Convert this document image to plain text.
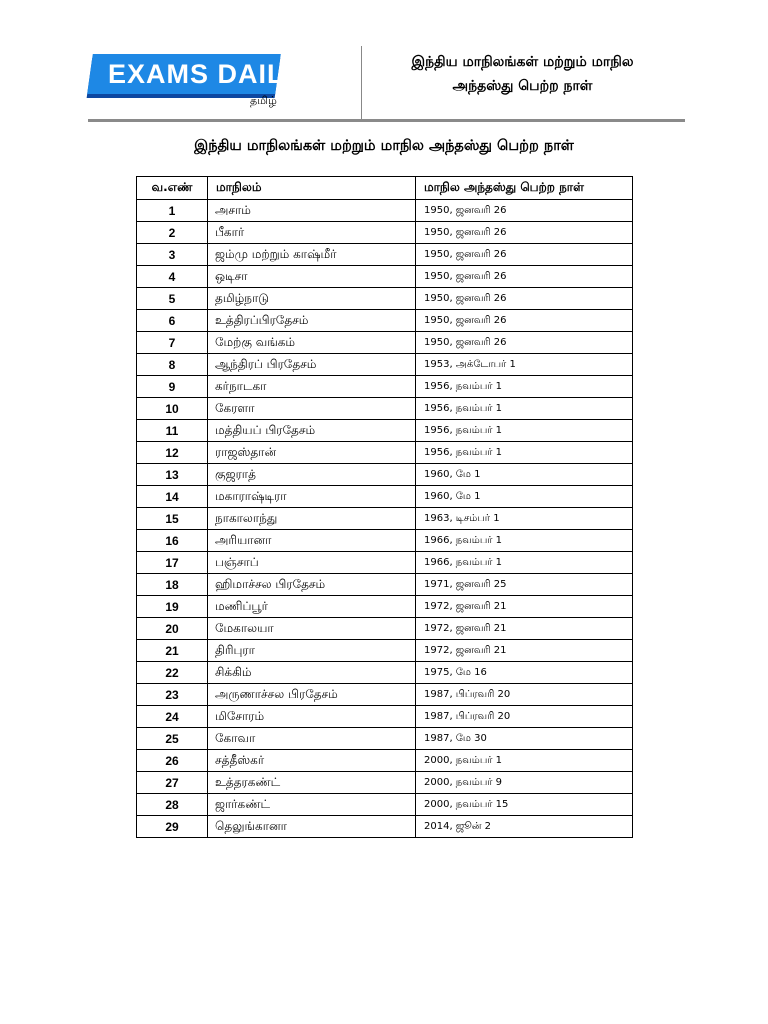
EXAMS DAILY
தமிழ்
இந்திய மாநிலங்கள் மற்றும் மாநில
அந்தஸ்து பெற்ற நாள்
இந்திய மாநிலங்கள் மற்றும் மாநில அந்தஸ்து பெற்ற நாள்
வ.எண்	மாநிலம்	மாநில அந்தஸ்து பெற்ற நாள்
1	அசாம்	1950, ஜனவரி 26
2	பீகார்	1950, ஜனவரி 26
3	ஜம்மு மற்றும் காஷ்மீர்	1950, ஜனவரி 26
4	ஒடிசா	1950, ஜனவரி 26
5	தமிழ்நாடு	1950, ஜனவரி 26
6	உத்திரப்பிரதேசம்	1950, ஜனவரி 26
7	மேற்கு வங்கம்	1950, ஜனவரி 26
8	ஆந்திரப் பிரதேசம்	1953, அக்டோபர் 1
9	கர்நாடகா	1956, நவம்பர் 1
10	கேரளா	1956, நவம்பர் 1
11	மத்தியப் பிரதேசம்	1956, நவம்பர் 1
12	ராஜஸ்தான்	1956, நவம்பர் 1
13	குஜராத்	1960, மே 1
14	மகாராஷ்டிரா	1960, மே 1
15	நாகாலாந்து	1963, டிசம்பர் 1
16	அரியானா	1966, நவம்பர் 1
17	பஞ்சாப்	1966, நவம்பர் 1
18	ஹிமாச்சல பிரதேசம்	1971, ஜனவரி 25
19	மணிப்பூர்	1972, ஜனவரி 21
20	மேகாலயா	1972, ஜனவரி 21
21	திரிபுரா	1972, ஜனவரி 21
22	சிக்கிம்	1975, மே 16
23	அருணாச்சல பிரதேசம்	1987, பிப்ரவரி 20
24	மிசோரம்	1987, பிப்ரவரி 20
25	கோவா	1987, மே 30
26	சத்தீஸ்கர்	2000, நவம்பர் 1
27	உத்தரகண்ட்	2000, நவம்பர் 9
28	ஜார்கண்ட்	2000, நவம்பர் 15
29	தெலுங்கானா	2014, ஜூன் 2
